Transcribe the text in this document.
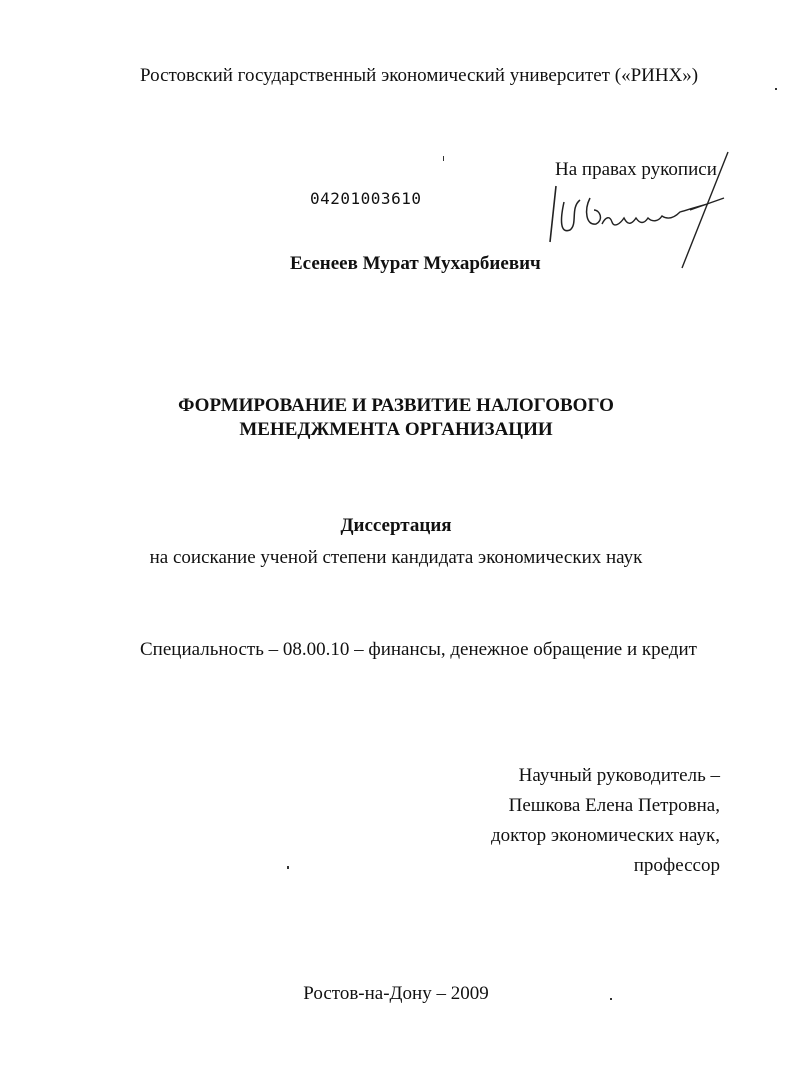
Ростовский государственный экономический университет («РИНХ»)
На правах рукописи
04201003610
Есенеев Мурат Мухарбиевич
ФОРМИРОВАНИЕ И РАЗВИТИЕ НАЛОГОВОГО
МЕНЕДЖМЕНТА ОРГАНИЗАЦИИ
Диссертация
на соискание ученой степени кандидата экономических наук
Специальность – 08.00.10 – финансы, денежное обращение и кредит
Научный руководитель –
Пешкова Елена Петровна,
доктор экономических наук,
профессор
Ростов-на-Дону – 2009
